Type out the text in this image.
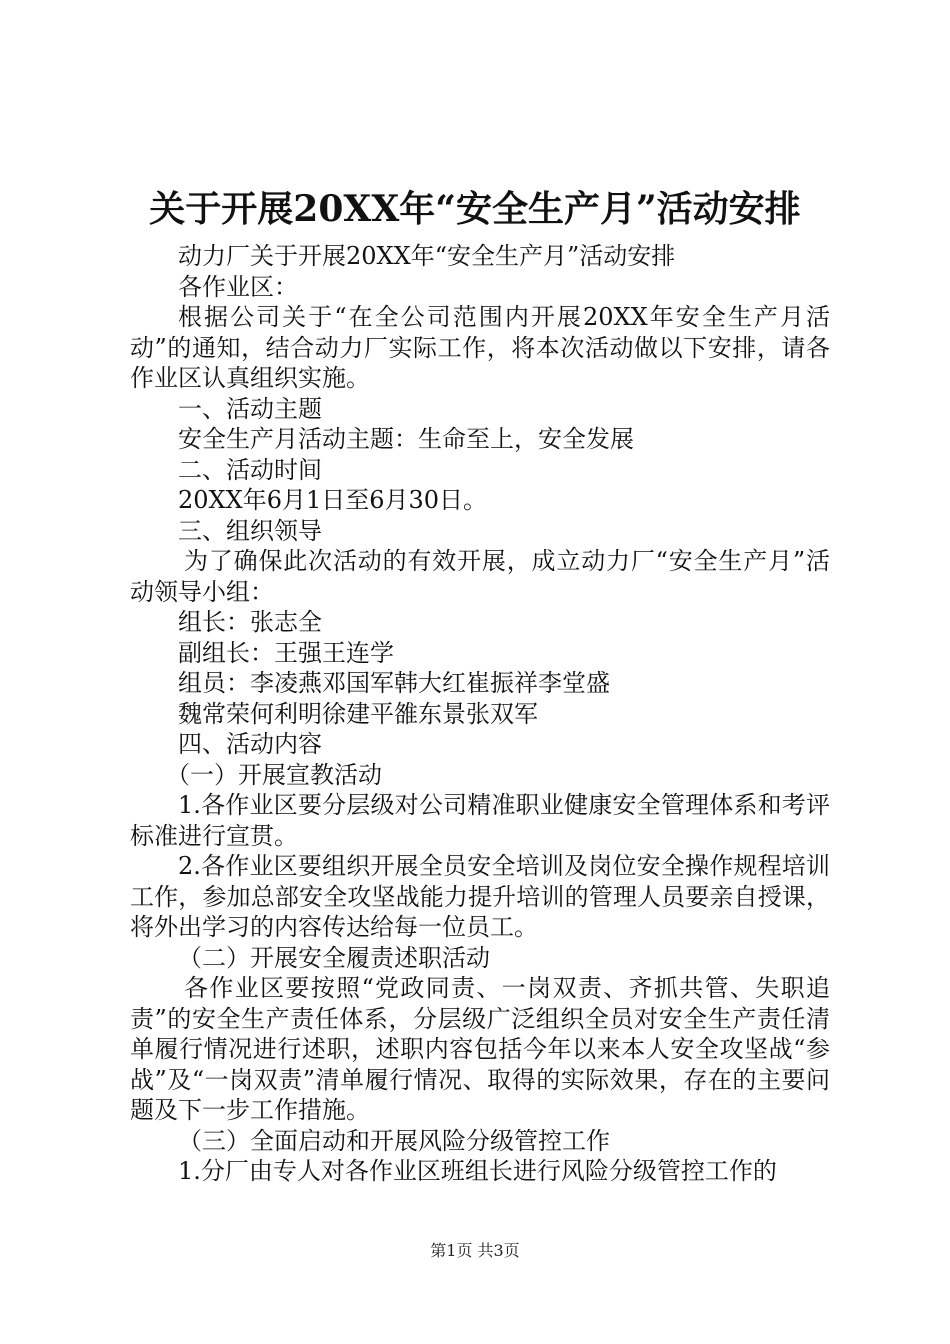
关于开展20XX年“安全生产月”活动安排

动力厂关于开展20XX年“安全生产月”活动安排

各作业区：

根据公司关于“在全公司范围内开展20XX年安全生产月活动”的通知，结合动力厂实际工作，将本次活动做以下安排，请各作业区认真组织实施。

一、活动主题

安全生产月活动主题：生命至上，安全发展

二、活动时间

20XX年6月1日至6月30日。

三、组织领导

为了确保此次活动的有效开展，成立动力厂“安全生产月”活动领导小组：

组长：张志全

副组长：王强王连学

组员：李凌燕邓国军韩大红崔振祥李堂盛

魏常荣何利明徐建平雒东景张双军

四、活动内容

（一）开展宣教活动

1.各作业区要分层级对公司精准职业健康安全管理体系和考评标准进行宣贯。

2.各作业区要组织开展全员安全培训及岗位安全操作规程培训工作，参加总部安全攻坚战能力提升培训的管理人员要亲自授课，将外出学习的内容传达给每一位员工。

（二）开展安全履责述职活动

各作业区要按照“党政同责、一岗双责、齐抓共管、失职追责”的安全生产责任体系，分层级广泛组织全员对安全生产责任清单履行情况进行述职，述职内容包括今年以来本人安全攻坚战“参战”及“一岗双责”清单履行情况、取得的实际效果，存在的主要问题及下一步工作措施。

（三）全面启动和开展风险分级管控工作

1.分厂由专人对各作业区班组长进行风险分级管控工作的

第1页 共3页
